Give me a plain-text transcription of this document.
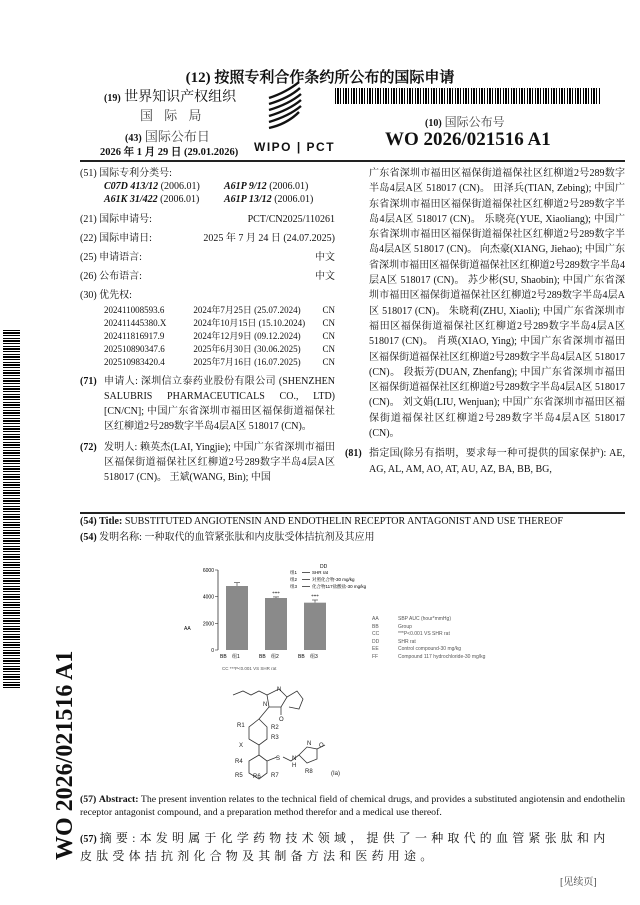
(12) 按照专利合作条约所公布的国际申请
(19) 世界知识产权组织
国 际 局
(43) 国际公布日
2026 年 1 月 29 日 (29.01.2026) WIPO | PCT
(10) 国际公布号
WO 2026/021516 A1
WO 2026/021516 A1
(51) 国际专利分类号:
C07D 413/12 (2006.01)	A61P 9/12 (2006.01)
A61K 31/422 (2006.01)	A61P 13/12 (2006.01)
(21) 国际申请号:	PCT/CN2025/110261
(22) 国际申请日:	2025 年 7 月 24 日 (24.07.2025)
(25) 申请语言:	中文
(26) 公布语言:	中文
(30) 优先权:
202411008593.6	2024年7月25日 (25.07.2024)	CN
202411445380.X	2024年10月15日 (15.10.2024)	CN
202411816917.9	2024年12月9日 (09.12.2024)	CN
202510890347.6	2025年6月30日 (30.06.2025)	CN
202510983420.4	2025年7月16日 (16.07.2025)	CN
(71) 申请人: 深圳信立泰药业股份有限公司 (SHENZHEN SALUBRIS PHARMACEUTICALS CO., LTD) [CN/CN]; 中国广东省深圳市福田区福保街道福保社区红柳道2号289数字半岛4层A区 518017 (CN)。
(72) 发明人: 赖英杰(LAI, Yingjie); 中国广东省深圳市福田区福保街道福保社区红柳道2号289数字半岛4层A区 518017 (CN)。 王斌(WANG, Bin); 中国
广东省深圳市福田区福保街道福保社区红柳道2号289数字半岛4层A区 518017 (CN)。 田泽兵(TIAN, Zebing); 中国广东省深圳市福田区福保街道福保社区红柳道2号289数字半岛4层A区 518017 (CN)。 乐晓亮(YUE, Xiaoliang); 中国广东省深圳市福田区福保街道福保社区红柳道2号289数字半岛4层A区 518017 (CN)。 向杰豪(XIANG, Jiehao); 中国广东省深圳市福田区福保街道福保社区红柳道2号289数字半岛4层A区 518017 (CN)。 苏少彬(SU, Shaobin); 中国广东省深圳市福田区福保街道福保社区红柳道2号289数字半岛4层A区 518017 (CN)。 朱晓莉(ZHU, Xiaoli); 中国广东省深圳市福田区福保街道福保社区红柳道2号289数字半岛4层A区 518017 (CN)。 肖瑛(XIAO, Ying); 中国广东省深圳市福田区福保街道福保社区红柳道2号289数字半岛4层A区 518017 (CN)。 段振芳(DUAN, Zhenfang); 中国广东省深圳市福田区福保街道福保社区红柳道2号289数字半岛4层A区 518017 (CN)。 刘文娟(LIU, Wenjuan); 中国广东省深圳市福田区福保街道福保社区红柳道2号289数字半岛4层A区 518017 (CN)。
(81) 指定国(除另有指明，要求每一种可提供的国家保护): AE, AG, AL, AM, AO, AT, AU, AZ, BA, BB, BG,
(54) Title: SUBSTITUTED ANGIOTENSIN AND ENDOTHELIN RECEPTOR ANTAGONIST AND USE THEREOF
(54) 发明名称: 一种取代的血管紧张肽和内皮肽受体拮抗剂及其应用
0
2000
4000
6000
AA
BB 组1
***
BB 组2
***
BB 组3
CC ***P<0.001 VS SHR rat
DD
组1	SHR rat
组2	对照化合物-30 mg/kg
组3	化合物117盐酸盐-30 mg/kg
AA	SBP AUC (hour*mmHg)
BB	Group
CC	***P<0.001 VS SHR rat
DD	SHR rat
EE	Control compound-30 mg/kg
FF	Compound 117 hydrochloride-30 mg/kg
N
N
O
R1	R2
R3
X
S
N O
N
H
R4
R5	R7
R8	(Ia)
R6
(57) Abstract: The present invention relates to the technical field of chemical drugs, and provides a substituted angiotensin and endothelin receptor antagonist compound, and a preparation method therefor and a medical use thereof.
(57) 摘要:本发明属于化学药物技术领域，提供了一种取代的血管紧张肽和内皮肽受体拮抗剂化合物及其制备方法和医药用途。
[见续页]
